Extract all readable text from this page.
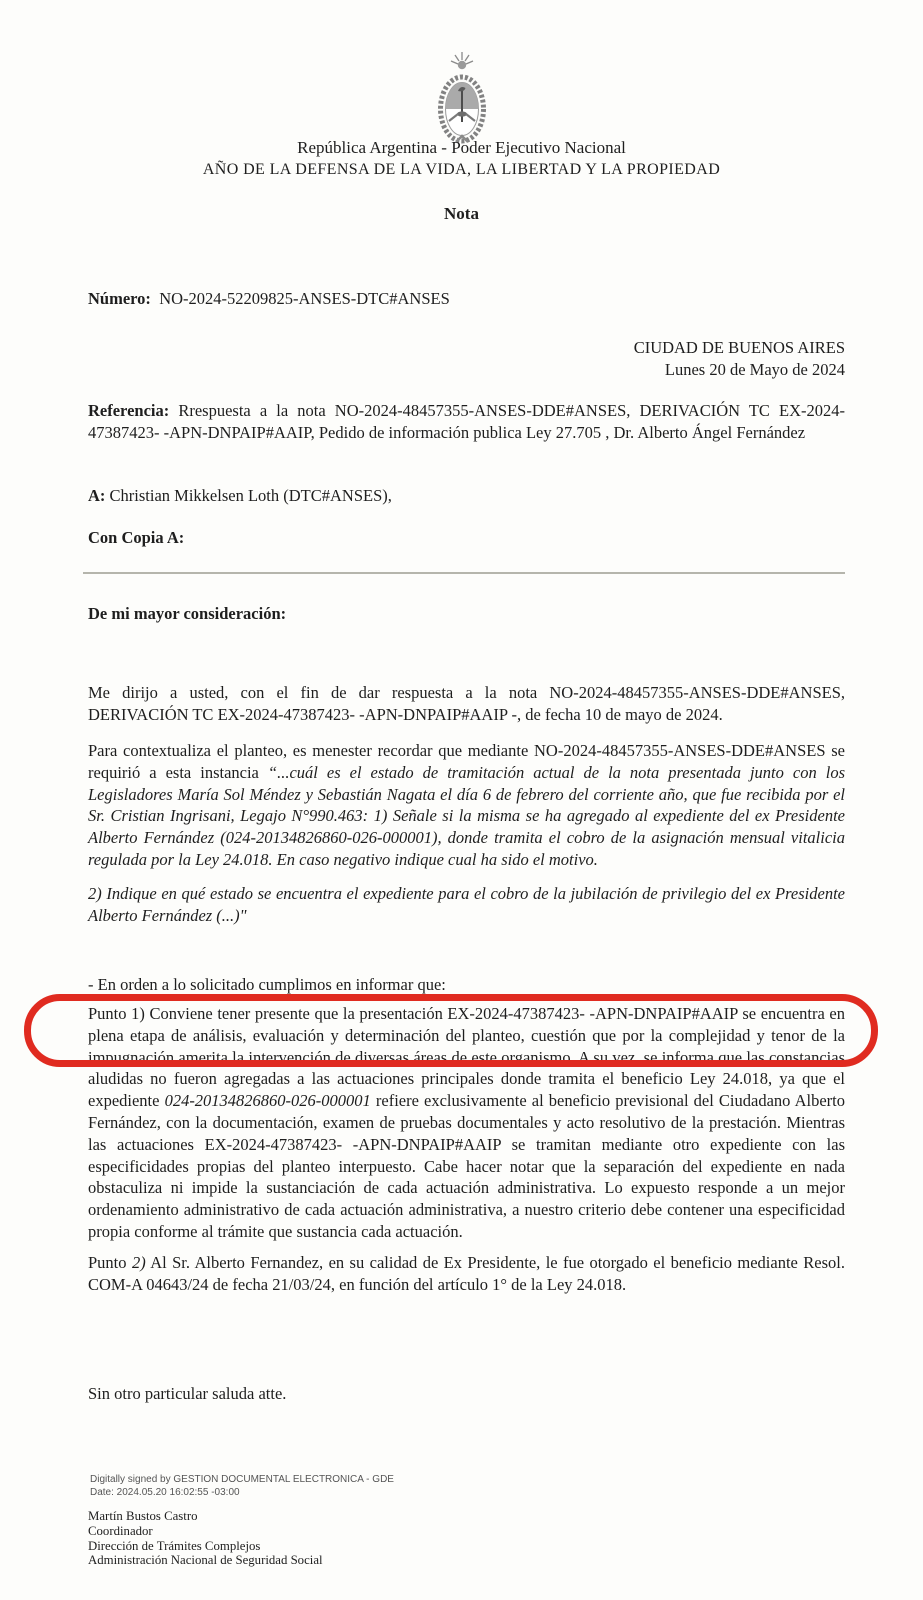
República Argentina - Poder Ejecutivo Nacional
AÑO DE LA DEFENSA DE LA VIDA, LA LIBERTAD Y LA PROPIEDAD
Nota
Número: NO-2024-52209825-ANSES-DTC#ANSES
CIUDAD DE BUENOS AIRES
Lunes 20 de Mayo de 2024
Referencia: Rrespuesta a la nota NO-2024-48457355-ANSES-DDE#ANSES, DERIVACIÓN TC EX-2024-47387423- -APN-DNPAIP#AAIP, Pedido de información publica Ley 27.705 , Dr. Alberto Ángel Fernández
A: Christian Mikkelsen Loth (DTC#ANSES),
Con Copia A:
De mi mayor consideración:
Me dirijo a usted, con el fin de dar respuesta a la nota NO-2024-48457355-ANSES-DDE#ANSES, DERIVACIÓN TC EX-2024-47387423- -APN-DNPAIP#AAIP -, de fecha 10 de mayo de 2024.
Para contextualiza el planteo, es menester recordar que mediante NO-2024-48457355-ANSES-DDE#ANSES se requirió a esta instancia “...cuál es el estado de tramitación actual de la nota presentada junto con los Legisladores María Sol Méndez y Sebastián Nagata el día 6 de febrero del corriente año, que fue recibida por el Sr. Cristian Ingrisani, Legajo N°990.463: 1) Señale si la misma se ha agregado al expediente del ex Presidente Alberto Fernández (024-20134826860-026-000001), donde tramita el cobro de la asignación mensual vitalicia regulada por la Ley 24.018. En caso negativo indique cual ha sido el motivo.
2) Indique en qué estado se encuentra el expediente para el cobro de la jubilación de privilegio del ex Presidente Alberto Fernández (...)"
- En orden a lo solicitado cumplimos en informar que:
Punto 1) Conviene tener presente que la presentación EX-2024-47387423- -APN-DNPAIP#AAIP se encuentra en plena etapa de análisis, evaluación y determinación del planteo, cuestión que por la complejidad y tenor de la impugnación amerita la intervención de diversas áreas de este organismo. A su vez, se informa que las constancias aludidas no fueron agregadas a las actuaciones principales donde tramita el beneficio Ley 24.018, ya que el expediente 024-20134826860-026-000001 refiere exclusivamente al beneficio previsional del Ciudadano Alberto Fernández, con la documentación, examen de pruebas documentales y acto resolutivo de la prestación. Mientras las actuaciones EX-2024-47387423- -APN-DNPAIP#AAIP se tramitan mediante otro expediente con las especificidades propias del planteo interpuesto. Cabe hacer notar que la separación del expediente en nada obstaculiza ni impide la sustanciación de cada actuación administrativa. Lo expuesto responde a un mejor ordenamiento administrativo de cada actuación administrativa, a nuestro criterio debe contener una especificidad propia conforme al trámite que sustancia cada actuación.
Punto 2) Al Sr. Alberto Fernandez, en su calidad de Ex Presidente, le fue otorgado el beneficio mediante Resol. COM-A 04643/24 de fecha 21/03/24, en función del artículo 1° de la Ley 24.018.
Sin otro particular saluda atte.
Digitally signed by GESTION DOCUMENTAL ELECTRONICA - GDE
Date: 2024.05.20 16:02:55 -03:00
Martín Bustos Castro
Coordinador
Dirección de Trámites Complejos
Administración Nacional de Seguridad Social
